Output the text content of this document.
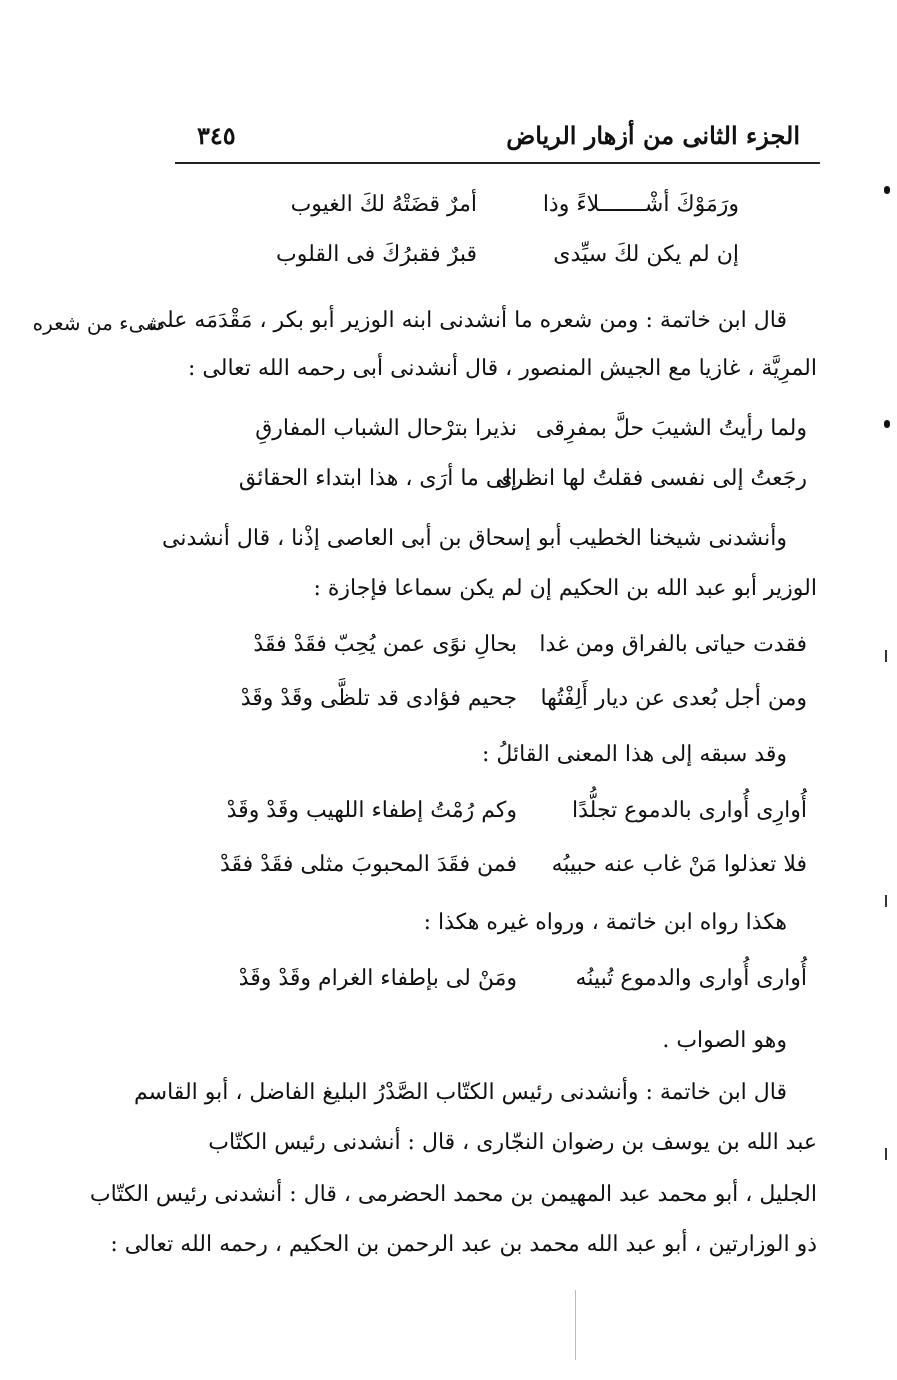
الجزء الثانى من أزهار الرياض
٣٤٥
ورَمَوْكَ أشْـــــــلاءً وذا
أمرٌ قضَتْهُ لكَ الغيوب
إن لم يكن لكَ سيِّدى
قبرٌ فقبرُكَ فى القلوب
شىء من شعره
قال ابن خاتمة : ومن شعره ما أنشدنى ابنه الوزير أبو بكر ، مَقْدَمَه على
المرِيَّة ، غازيا مع الجيش المنصور ، قال أنشدنى أبى رحمه الله تعالى :
ولما رأيتُ الشيبَ حلَّ بمفرِقى
نذيرا بترْحال الشباب المفارقِ
رجَعتُ إلى نفسى فقلتُ لها انظرى
إلى ما أرَى ، هذا ابتداء الحقائق
وأنشدنى شيخنا الخطيب أبو إسحاق بن أبى العاصى إذْنا ، قال أنشدنى
الوزير أبو عبد الله بن الحكيم إن لم يكن سماعا فإجازة :
فقدت حياتى بالفراق ومن غدا
بحالِ نوًى عمن يُحِبّ فقَدْ فقَدْ
ومن أجل بُعدى عن ديار أَلِفْتُها
جحيم فؤادى قد تلظَّى وقَدْ وقَدْ
وقد سبقه إلى هذا المعنى القائلُ :
أُوارِى أُوارى بالدموع تجلُّدًا
وكم رُمْتُ إطفاء اللهيب وقَدْ وقَدْ
فلا تعذلوا مَنْ غاب عنه حبيبُه
فمن فقَدَ المحبوبَ مثلى فقَدْ فقَدْ
هكذا رواه ابن خاتمة ، ورواه غيره هكذا :
أُوارى أُوارى والدموع تُبينُه
ومَنْ لى بإطفاء الغرام وقَدْ وقَدْ
وهو الصواب .
قال ابن خاتمة : وأنشدنى رئيس الكتّاب الصَّدْرُ البليغ الفاضل ، أبو القاسم
عبد الله بن يوسف بن رضوان النجّارى ، قال : أنشدنى رئيس الكتّاب
الجليل ، أبو محمد عبد المهيمن بن محمد الحضرمى ، قال : أنشدنى رئيس الكتّاب
ذو الوزارتين ، أبو عبد الله محمد بن عبد الرحمن بن الحكيم ، رحمه الله تعالى :
